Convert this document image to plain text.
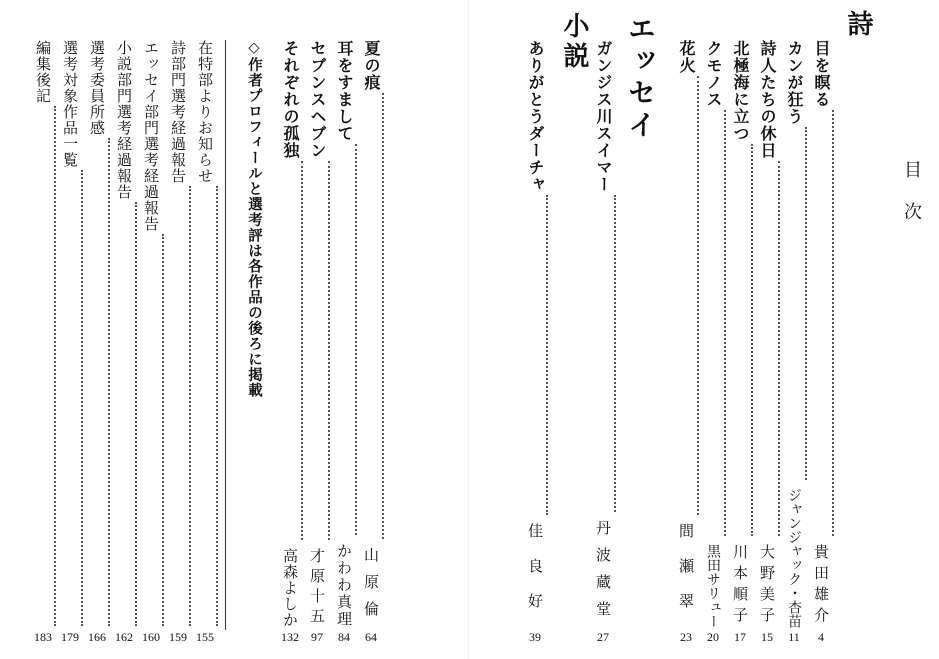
目次
詩
目を瞑る
貴田雄介
4
カンが狂う
ジャンジャック・杏苗
11
詩人たちの休日
大野美子
15
北極海に立つ
川本順子
17
クモノス
黒田サリュー
20
花火
間瀬翠
23
エッセイ
ガンジス川スイマー
丹波蔵堂
27
小説
ありがとうダーチャ
佳良好
39
夏の痕
山原倫
64
耳をすまして
かわわ真理
84
セブンスヘブン
才原十五
97
それぞれの孤独
高森よしか
132
◇作者プロフィールと選考評は各作品の後ろに掲載
在特部よりお知らせ
155
詩部門選考経過報告
159
エッセイ部門選考経過報告
160
小説部門選考経過報告
162
選考委員所感
166
選考対象作品一覧
179
編集後記
183
